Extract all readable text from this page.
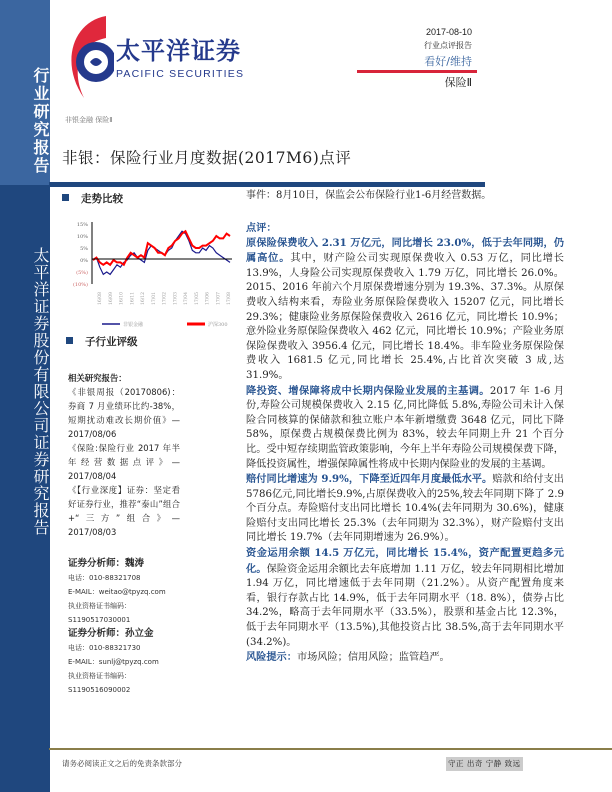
行业研究报告
太平洋证券股份有限公司证券研究报告
太平洋证券
PACIFIC SECURITIES
2017-08-10
行业点评报告
看好/维持
保险Ⅱ
非银金融 保险Ⅱ
非银：保险行业月度数据(2017M6)点评
走势比较
15%
10%
5%
0%
(5%)
(10%)
16/08 16/09 16/10 16/11 16/12 17/01 17/02 17/03 17/04 17/05 17/06 17/07 17/08
非银金融	沪深300
子行业评级
相关研究报告：
《非银周报（20170806)：券商 7 月业绩环比约-38%，短期扰动难改长期价值》—2017/08/06
《保险:保险行业 2017 年半年经营数据点评》—2017/08/04
《【行业深度】证券：坚定看好证券行业，推荐“泰山”组合+“三方”组合》—2017/08/03
证券分析师：魏涛
电话：010-88321708
E-MAIL：weitao@tpyzq.com
执业资格证书编码：S1190517030001
证券分析师：孙立金
电话：010-88321730
E-MAIL：sunlj@tpyzq.com
执业资格证书编码：S1190516090002
事件：8月10日，保监会公布保险行业1-6月经营数据。
点评：
原保险保费收入 2.31 万亿元，同比增长 23.0%，低于去年同期，仍属高位。其中，财产险公司实现原保费收入 0.53 万亿，同比增长 13.9%，人身险公司实现原保费收入 1.79 万亿，同比增长 26.0%。2015、2016 年前六个月原保费增速分别为 19.3%、37.3%。从原保费收入结构来看，寿险业务原保险保费收入 15207 亿元，同比增长 29.3%；健康险业务原保险保费收入 2616 亿元，同比增长 10.9%；意外险业务原保险保费收入 462 亿元，同比增长 10.9%；产险业务原保险保费收入 3956.4 亿元，同比增长 18.4%。非车险业务原保险保费收入 1681.5 亿元,同比增长 25.4%,占比首次突破 3 成,达 31.9%。
降投资、增保障将成中长期内保险业发展的主基调。2017 年 1-6 月份,寿险公司规模保费收入 2.15 亿,同比降低 5.8%,寿险公司未计入保险合同核算的保储款和独立账户本年新增缴费 3648 亿元，同比下降 58%，原保费占规模保费比例为 83%，较去年同期上升 21 个百分比。受中短存续期监管政策影响，今年上半年寿险公司规模保费下降，降低投资属性，增强保障属性将成中长期内保险业的发展的主基调。
赔付同比增速为 9.9%，下降至近四年月度最低水平。赔款和给付支出5786亿元,同比增长9.9%,占原保费收入的25%,较去年同期下降了 2.9 个百分点。寿险赔付支出同比增长 10.4%(去年同期为 30.6%)，健康险赔付支出同比增长 25.3%（去年同期为 32.3%），财产险赔付支出同比增长 19.7%（去年同期增速为 26.9%）。
资金运用余额 14.5 万亿元，同比增长 15.4%，资产配置更趋多元化。保险资金运用余额比去年底增加 1.11 万亿，较去年同期相比增加 1.94 万亿，同比增速低于去年同期（21.2%）。从资产配置角度来看，银行存款占比 14.9%，低于去年同期水平（18. 8%），债券占比 34.2%，略高于去年同期水平（33.5%），股票和基金占比 12.3%，低于去年同期水平（13.5%),其他投资占比 38.5%,高于去年同期水平(34.2%)。
风险提示：市场风险；信用风险；监管趋严。
请务必阅读正文之后的免责条款部分	守正 出奇 宁静 致远
